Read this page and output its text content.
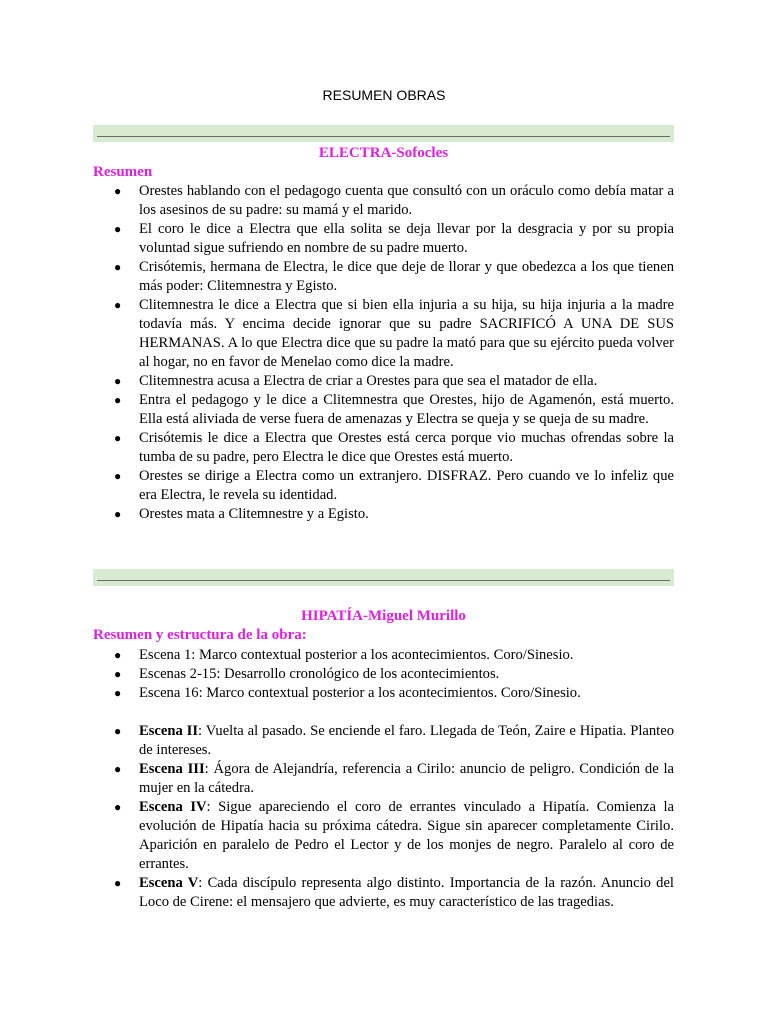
RESUMEN OBRAS
ELECTRA-Sofocles
Resumen
● Orestes hablando con el pedagogo cuenta que consultó con un oráculo como debía matar a los asesinos de su padre: su mamá y el marido.
● El coro le dice a Electra que ella solita se deja llevar por la desgracia y por su propia voluntad sigue sufriendo en nombre de su padre muerto.
● Crisótemis, hermana de Electra, le dice que deje de llorar y que obedezca a los que tienen más poder: Clitemnestra y Egisto.
● Clitemnestra le dice a Electra que si bien ella injuria a su hija, su hija injuria a la madre todavía más. Y encima decide ignorar que su padre SACRIFICÓ A UNA DE SUS HERMANAS. A lo que Electra dice que su padre la mató para que su ejército pueda volver al hogar, no en favor de Menelao como dice la madre.
● Clitemnestra acusa a Electra de criar a Orestes para que sea el matador de ella.
● Entra el pedagogo y le dice a Clitemnestra que Orestes, hijo de Agamenón, está muerto. Ella está aliviada de verse fuera de amenazas y Electra se queja y se queja de su madre.
● Crisótemis le dice a Electra que Orestes está cerca porque vio muchas ofrendas sobre la tumba de su padre, pero Electra le dice que Orestes está muerto.
● Orestes se dirige a Electra como un extranjero. DISFRAZ. Pero cuando ve lo infeliz que era Electra, le revela su identidad.
● Orestes mata a Clitemnestre y a Egisto.
HIPATÍA-Miguel Murillo
Resumen y estructura de la obra:
● Escena 1: Marco contextual posterior a los acontecimientos. Coro/Sinesio.
● Escenas 2-15: Desarrollo cronológico de los acontecimientos.
● Escena 16: Marco contextual posterior a los acontecimientos. Coro/Sinesio.
● Escena II: Vuelta al pasado. Se enciende el faro. Llegada de Teón, Zaire e Hipatia. Planteo de intereses.
● Escena III: Ágora de Alejandría, referencia a Cirilo: anuncio de peligro. Condición de la mujer en la cátedra.
● Escena IV: Sigue apareciendo el coro de errantes vinculado a Hipatía. Comienza la evolución de Hipatía hacia su próxima cátedra. Sigue sin aparecer completamente Cirilo. Aparición en paralelo de Pedro el Lector y de los monjes de negro. Paralelo al coro de errantes.
● Escena V: Cada discípulo representa algo distinto. Importancia de la razón. Anuncio del Loco de Cirene: el mensajero que advierte, es muy característico de las tragedias.
